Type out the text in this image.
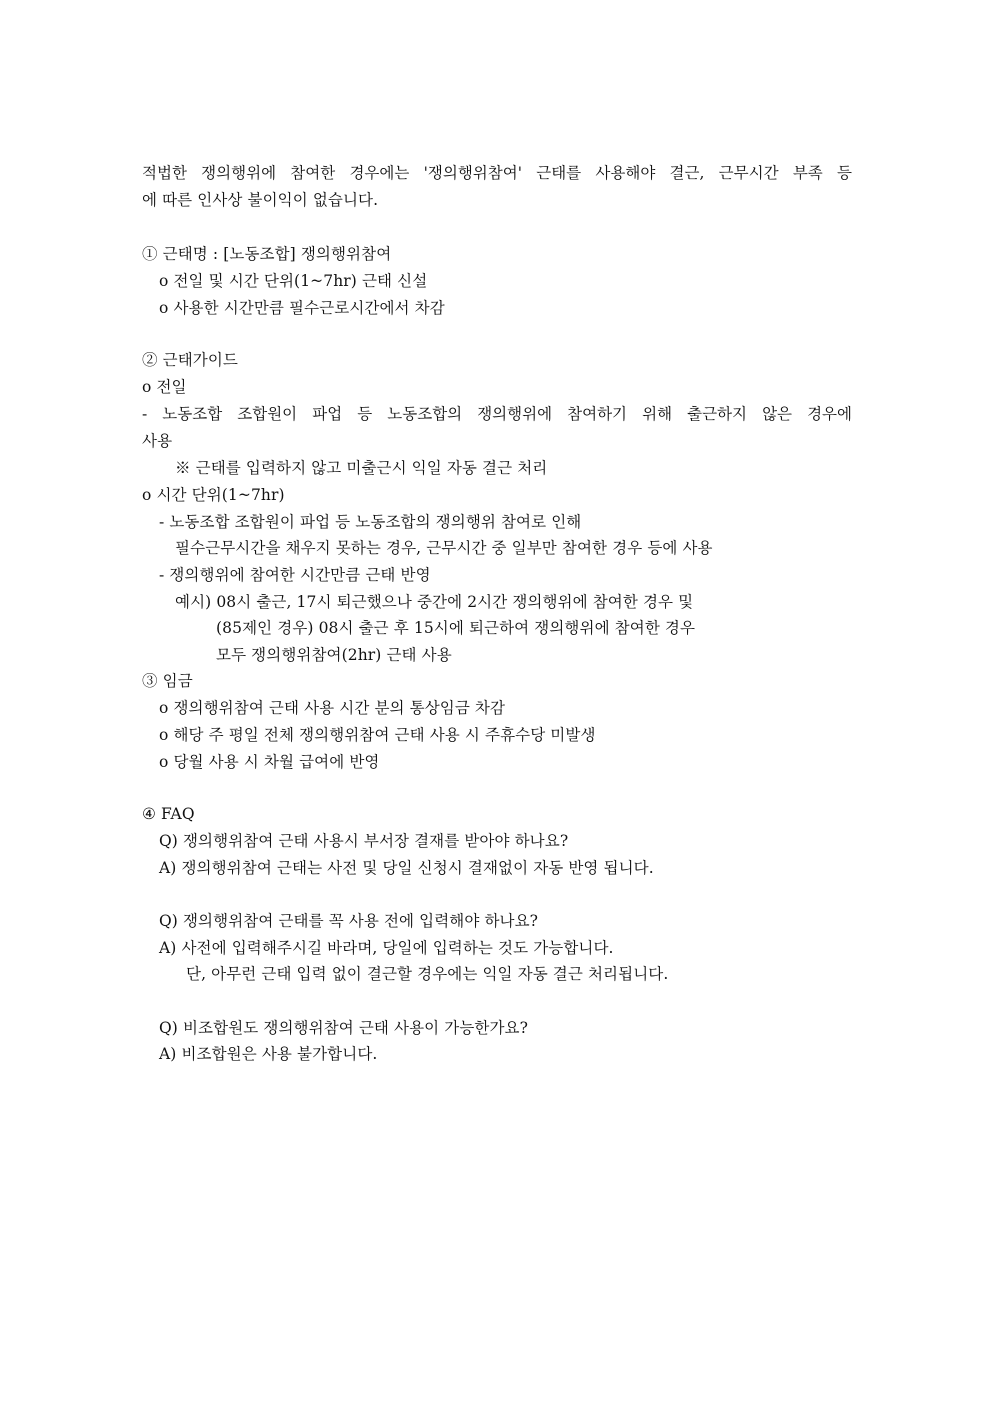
적법한 쟁의행위에 참여한 경우에는 '쟁의행위참여' 근태를 사용해야 결근, 근무시간 부족 등
에 따른 인사상 불이익이 없습니다.
① 근태명 : [노동조합] 쟁의행위참여
o 전일 및 시간 단위(1~7hr) 근태 신설
o 사용한 시간만큼 필수근로시간에서 차감
② 근태가이드
o 전일
- 노동조합 조합원이 파업 등 노동조합의 쟁의행위에 참여하기 위해 출근하지 않은 경우에
사용
※ 근태를 입력하지 않고 미출근시 익일 자동 결근 처리
o 시간 단위(1~7hr)
- 노동조합 조합원이 파업 등 노동조합의 쟁의행위 참여로 인해
필수근무시간을 채우지 못하는 경우, 근무시간 중 일부만 참여한 경우 등에 사용
- 쟁의행위에 참여한 시간만큼 근태 반영
예시) 08시 출근, 17시 퇴근했으나 중간에 2시간 쟁의행위에 참여한 경우 및
(85제인 경우) 08시 출근 후 15시에 퇴근하여 쟁의행위에 참여한 경우
모두 쟁의행위참여(2hr) 근태 사용
③ 임금
o 쟁의행위참여 근태 사용 시간 분의 통상임금 차감
o 해당 주 평일 전체 쟁의행위참여 근태 사용 시 주휴수당 미발생
o 당월 사용 시 차월 급여에 반영
④ FAQ
Q) 쟁의행위참여 근태 사용시 부서장 결재를 받아야 하나요?
A) 쟁의행위참여 근태는 사전 및 당일 신청시 결재없이 자동 반영 됩니다.
Q) 쟁의행위참여 근태를 꼭 사용 전에 입력해야 하나요?
A) 사전에 입력해주시길 바라며, 당일에 입력하는 것도 가능합니다.
단, 아무런 근태 입력 없이 결근할 경우에는 익일 자동 결근 처리됩니다.
Q) 비조합원도 쟁의행위참여 근태 사용이 가능한가요?
A) 비조합원은 사용 불가합니다.
